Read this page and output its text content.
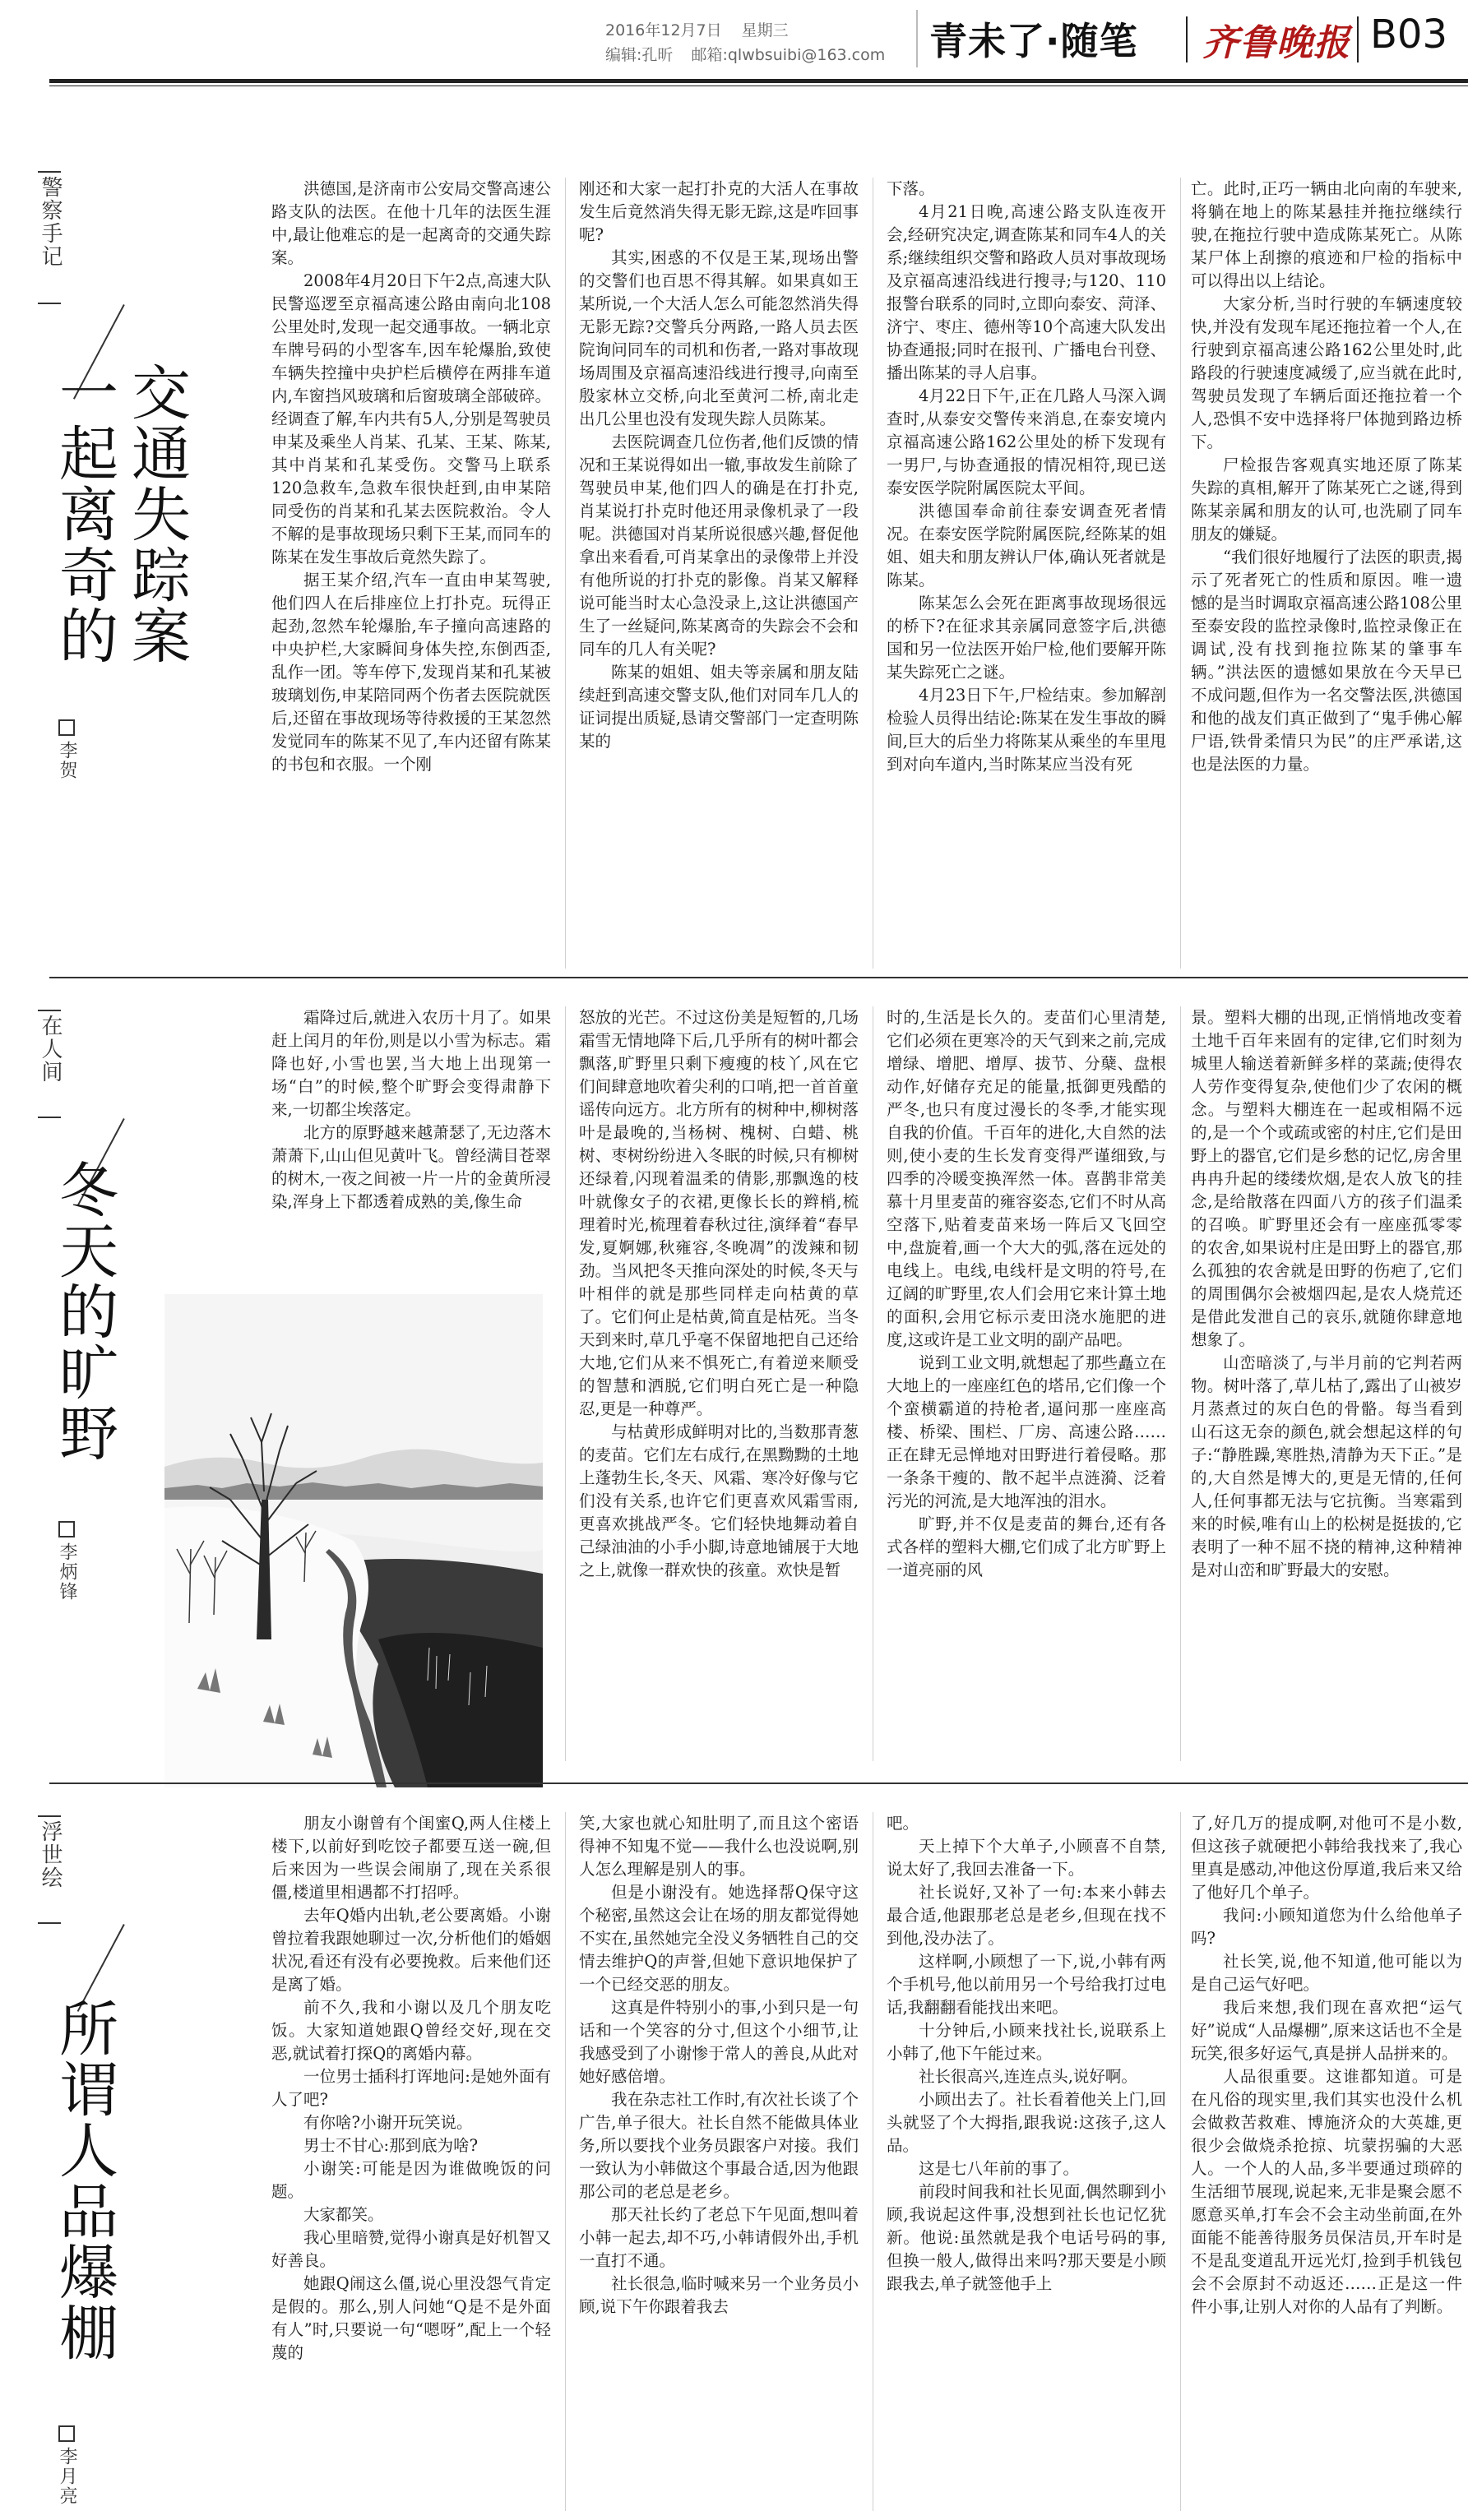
2016年12月7日 星期三
编辑:孔昕 邮箱:qlwbsuibi@163.com	青未了·随笔 齐鲁晚报 B03
警察手记
交通失踪案
一起离奇的
李贺

洪德国,是济南市公安局交警高速公路支队的法医。在他十几年的法医生涯中,最让他难忘的是一起离奇的交通失踪案。

2008年4月20日下午2点,高速大队民警巡逻至京福高速公路由南向北108公里处时,发现一起交通事故。一辆北京车牌号码的小型客车,因车轮爆胎,致使车辆失控撞中央护栏后横停在两排车道内,车窗挡风玻璃和后窗玻璃全部破碎。经调查了解,车内共有5人,分别是驾驶员申某及乘坐人肖某、孔某、王某、陈某,其中肖某和孔某受伤。交警马上联系120急救车,急救车很快赶到,由申某陪同受伤的肖某和孔某去医院救治。令人不解的是事故现场只剩下王某,而同车的陈某在发生事故后竟然失踪了。

据王某介绍,汽车一直由申某驾驶,他们四人在后排座位上打扑克。玩得正起劲,忽然车轮爆胎,车子撞向高速路的中央护栏,大家瞬间身体失控,东倒西歪,乱作一团。等车停下,发现肖某和孔某被玻璃划伤,申某陪同两个伤者去医院就医后,还留在事故现场等待救援的王某忽然发觉同车的陈某不见了,车内还留有陈某的书包和衣服。一个刚

刚还和大家一起打扑克的大活人在事故发生后竟然消失得无影无踪,这是咋回事呢?

其实,困惑的不仅是王某,现场出警的交警们也百思不得其解。如果真如王某所说,一个大活人怎么可能忽然消失得无影无踪?交警兵分两路,一路人员去医院询问同车的司机和伤者,一路对事故现场周围及京福高速沿线进行搜寻,向南至殷家林立交桥,向北至黄河二桥,南北走出几公里也没有发现失踪人员陈某。

去医院调查几位伤者,他们反馈的情况和王某说得如出一辙,事故发生前除了驾驶员申某,他们四人的确是在打扑克,肖某说打扑克时他还用录像机录了一段呢。洪德国对肖某所说很感兴趣,督促他拿出来看看,可肖某拿出的录像带上并没有他所说的打扑克的影像。肖某又解释说可能当时太心急没录上,这让洪德国产生了一丝疑问,陈某离奇的失踪会不会和同车的几人有关呢?

陈某的姐姐、姐夫等亲属和朋友陆续赶到高速交警支队,他们对同车几人的证词提出质疑,恳请交警部门一定查明陈某的

下落。

4月21日晚,高速公路支队连夜开会,经研究决定,调查陈某和同车4人的关系;继续组织交警和路政人员对事故现场及京福高速沿线进行搜寻;与120、110报警台联系的同时,立即向泰安、菏泽、济宁、枣庄、德州等10个高速大队发出协查通报;同时在报刊、广播电台刊登、播出陈某的寻人启事。

4月22日下午,正在几路人马深入调查时,从泰安交警传来消息,在泰安境内京福高速公路162公里处的桥下发现有一男尸,与协查通报的情况相符,现已送泰安医学院附属医院太平间。

洪德国奉命前往泰安调查死者情况。在泰安医学院附属医院,经陈某的姐姐、姐夫和朋友辨认尸体,确认死者就是陈某。

陈某怎么会死在距离事故现场很远的桥下?在征求其亲属同意签字后,洪德国和另一位法医开始尸检,他们要解开陈某失踪死亡之谜。

4月23日下午,尸检结束。参加解剖检验人员得出结论:陈某在发生事故的瞬间,巨大的后坐力将陈某从乘坐的车里甩到对向车道内,当时陈某应当没有死

亡。此时,正巧一辆由北向南的车驶来,将躺在地上的陈某悬挂并拖拉继续行驶,在拖拉行驶中造成陈某死亡。从陈某尸体上刮擦的痕迹和尸检的指标中可以得出以上结论。

大家分析,当时行驶的车辆速度较快,并没有发现车尾还拖拉着一个人,在行驶到京福高速公路162公里处时,此路段的行驶速度减缓了,应当就在此时,驾驶员发现了车辆后面还拖拉着一个人,恐惧不安中选择将尸体抛到路边桥下。

尸检报告客观真实地还原了陈某失踪的真相,解开了陈某死亡之谜,得到陈某亲属和朋友的认可,也洗刷了同车朋友的嫌疑。

“我们很好地履行了法医的职责,揭示了死者死亡的性质和原因。唯一遗憾的是当时调取京福高速公路108公里至泰安段的监控录像时,监控录像正在调试,没有找到拖拉陈某的肇事车辆。”洪法医的遗憾如果放在今天早已不成问题,但作为一名交警法医,洪德国和他的战友们真正做到了“鬼手佛心解尸语,铁骨柔情只为民”的庄严承诺,这也是法医的力量。

在人间
冬天的旷野
李炳锋

霜降过后,就进入农历十月了。如果赶上闰月的年份,则是以小雪为标志。霜降也好,小雪也罢,当大地上出现第一场“白”的时候,整个旷野会变得肃静下来,一切都尘埃落定。

北方的原野越来越萧瑟了,无边落木萧萧下,山山但见黄叶飞。曾经满目苍翠的树木,一夜之间被一片一片的金黄所浸染,浑身上下都透着成熟的美,像生命

怒放的光芒。不过这份美是短暂的,几场霜雪无情地降下后,几乎所有的树叶都会飘落,旷野里只剩下瘦瘦的枝丫,风在它们间肆意地吹着尖利的口哨,把一首首童谣传向远方。北方所有的树种中,柳树落叶是最晚的,当杨树、槐树、白蜡、桃树、枣树纷纷进入冬眠的时候,只有柳树还绿着,闪现着温柔的倩影,那飘逸的枝叶就像女子的衣裙,更像长长的辫梢,梳理着时光,梳理着春秋过往,演绎着“春早发,夏婀娜,秋雍容,冬晚凋”的泼辣和韧劲。当风把冬天推向深处的时候,冬天与叶相伴的就是那些同样走向枯黄的草了。它们何止是枯黄,简直是枯死。当冬天到来时,草几乎毫不保留地把自己还给大地,它们从来不惧死亡,有着逆来顺受的智慧和洒脱,它们明白死亡是一种隐忍,更是一种尊严。

与枯黄形成鲜明对比的,当数那青葱的麦苗。它们左右成行,在黑黝黝的土地上蓬勃生长,冬天、风霜、寒冷好像与它们没有关系,也许它们更喜欢风霜雪雨,更喜欢挑战严冬。它们轻快地舞动着自己绿油油的小手小脚,诗意地铺展于大地之上,就像一群欢快的孩童。欢快是暂

时的,生活是长久的。麦苗们心里清楚,它们必须在更寒冷的天气到来之前,完成增绿、增肥、增厚、拔节、分蘖、盘根动作,好储存充足的能量,抵御更残酷的严冬,也只有度过漫长的冬季,才能实现自我的价值。千百年的进化,大自然的法则,使小麦的生长发育变得严谨细致,与四季的冷暖变换浑然一体。喜鹊非常美慕十月里麦苗的雍容姿态,它们不时从高空落下,贴着麦苗来场一阵后又飞回空中,盘旋着,画一个大大的弧,落在远处的电线上。电线,电线杆是文明的符号,在辽阔的旷野里,农人们会用它来计算土地的面积,会用它标示麦田浇水施肥的进度,这或许是工业文明的副产品吧。

说到工业文明,就想起了那些矗立在大地上的一座座红色的塔吊,它们像一个个蛮横霸道的持枪者,逼问那一座座高楼、桥梁、围栏、厂房、高速公路……正在肆无忌惮地对田野进行着侵略。那一条条干瘦的、散不起半点涟漪、泛着污光的河流,是大地浑浊的泪水。

旷野,并不仅是麦苗的舞台,还有各式各样的塑料大棚,它们成了北方旷野上一道亮丽的风

景。塑料大棚的出现,正悄悄地改变着土地千百年来固有的定律,它们时刻为城里人输送着新鲜多样的菜蔬;使得农人劳作变得复杂,使他们少了农闲的概念。与塑料大棚连在一起或相隔不远的,是一个个或疏或密的村庄,它们是田野上的器官,它们是乡愁的记忆,房舍里冉冉升起的缕缕炊烟,是农人放飞的挂念,是给散落在四面八方的孩子们温柔的召唤。旷野里还会有一座座孤零零的农舍,如果说村庄是田野上的器官,那么孤独的农舍就是田野的伤疤了,它们的周围偶尔会被烟四起,是农人烧荒还是借此发泄自己的哀乐,就随你肆意地想象了。

山峦暗淡了,与半月前的它判若两物。树叶落了,草儿枯了,露出了山被岁月蒸煮过的灰白色的骨骼。每当看到山石这无奈的颜色,就会想起这样的句子:“静胜躁,寒胜热,清静为天下正。”是的,大自然是博大的,更是无情的,任何人,任何事都无法与它抗衡。当寒霜到来的时候,唯有山上的松树是挺拔的,它表明了一种不屈不挠的精神,这种精神是对山峦和旷野最大的安慰。

浮世绘
所谓人品爆棚
李月亮

朋友小谢曾有个闺蜜Q,两人住楼上楼下,以前好到吃饺子都要互送一碗,但后来因为一些误会闹崩了,现在关系很僵,楼道里相遇都不打招呼。

去年Q婚内出轨,老公要离婚。小谢曾拉着我跟她聊过一次,分析他们的婚姻状况,看还有没有必要挽救。后来他们还是离了婚。

前不久,我和小谢以及几个朋友吃饭。大家知道她跟Q曾经交好,现在交恶,就试着打探Q的离婚内幕。

一位男士插科打诨地问:是她外面有人了吧?

有你啥?小谢开玩笑说。

男士不甘心:那到底为啥?

小谢笑:可能是因为谁做晚饭的问题。

大家都笑。

我心里暗赞,觉得小谢真是好机智又好善良。

她跟Q闹这么僵,说心里没怨气肯定是假的。那么,别人问她“Q是不是外面有人”时,只要说一句“嗯呀”,配上一个轻蔑的

笑,大家也就心知肚明了,而且这个密语得神不知鬼不觉——我什么也没说啊,别人怎么理解是别人的事。

但是小谢没有。她选择帮Q保守这个秘密,虽然这会让在场的朋友都觉得她不实在,虽然她完全没义务牺牲自己的交情去维护Q的声誉,但她下意识地保护了一个已经交恶的朋友。

这真是件特别小的事,小到只是一句话和一个笑容的分寸,但这个小细节,让我感受到了小谢惨于常人的善良,从此对她好感倍增。

我在杂志社工作时,有次社长谈了个广告,单子很大。社长自然不能做具体业务,所以要找个业务员跟客户对接。我们一致认为小韩做这个事最合适,因为他跟那公司的老总是老乡。

那天社长约了老总下午见面,想叫着小韩一起去,却不巧,小韩请假外出,手机一直打不通。

社长很急,临时喊来另一个业务员小顾,说下午你跟着我去

吧。

天上掉下个大单子,小顾喜不自禁,说太好了,我回去准备一下。

社长说好,又补了一句:本来小韩去最合适,他跟那老总是老乡,但现在找不到他,没办法了。

这样啊,小顾想了一下,说,小韩有两个手机号,他以前用另一个号给我打过电话,我翻翻看能找出来吧。

十分钟后,小顾来找社长,说联系上小韩了,他下午能过来。

社长很高兴,连连点头,说好啊。

小顾出去了。社长看着他关上门,回头就竖了个大拇指,跟我说:这孩子,这人品。

这是七八年前的事了。

前段时间我和社长见面,偶然聊到小顾,我说起这件事,没想到社长也记忆犹新。他说:虽然就是我个电话号码的事,但换一般人,做得出来吗?那天要是小顾跟我去,单子就签他手上

了,好几万的提成啊,对他可不是小数,但这孩子就硬把小韩给我找来了,我心里真是感动,冲他这份厚道,我后来又给了他好几个单子。

我问:小顾知道您为什么给他单子吗?

社长笑,说,他不知道,他可能以为是自己运气好吧。

我后来想,我们现在喜欢把“运气好”说成“人品爆棚”,原来这话也不全是玩笑,很多好运气,真是拼人品拼来的。

人品很重要。这谁都知道。可是在凡俗的现实里,我们其实也没什么机会做救苦救难、博施济众的大英雄,更很少会做烧杀抢掠、坑蒙拐骗的大恶人。一个人的人品,多半要通过琐碎的生活细节展现,说起来,无非是聚会愿不愿意买单,打车会不会主动坐前面,在外面能不能善待服务员保洁员,开车时是不是乱变道乱开远光灯,捡到手机钱包会不会原封不动返还……正是这一件件小事,让别人对你的人品有了判断。
